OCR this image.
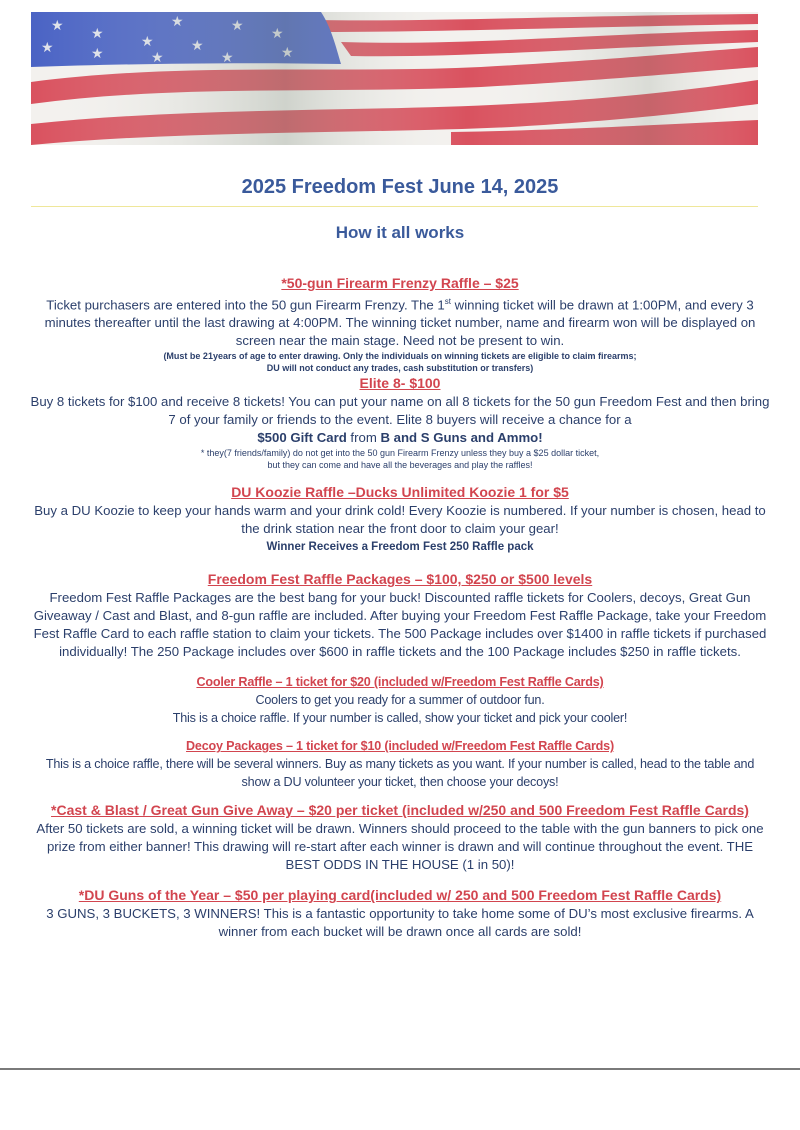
2025 Freedom Fest June 14, 2025
How it all works
*50-gun Firearm Frenzy Raffle – $25

Ticket purchasers are entered into the 50 gun Firearm Frenzy. The 1st winning ticket will be drawn at 1:00PM, and every 3 minutes thereafter until the last drawing at 4:00PM. The winning ticket number, name and firearm won will be displayed on screen near the main stage. Need not be present to win.

(Must be 21years of age to enter drawing. Only the individuals on winning tickets are eligible to claim firearms;

DU will not conduct any trades, cash substitution or transfers)

Elite 8- $100

Buy 8 tickets for $100 and receive 8 tickets! You can put your name on all 8 tickets for the 50 gun Freedom Fest and then bring 7 of your family or friends to the event. Elite 8 buyers will receive a chance for a

$500 Gift Card from B and S Guns and Ammo!

* they(7 friends/family) do not get into the 50 gun Firearm Frenzy unless they buy a $25 dollar ticket,

but they can come and have all the beverages and play the raffles!

DU Koozie Raffle –Ducks Unlimited Koozie 1 for $5

Buy a DU Koozie to keep your hands warm and your drink cold! Every Koozie is numbered. If your number is chosen, head to the drink station near the front door to claim your gear!

Winner Receives a Freedom Fest 250 Raffle pack

Freedom Fest Raffle Packages – $100, $250 or $500 levels

Freedom Fest Raffle Packages are the best bang for your buck! Discounted raffle tickets for Coolers, decoys, Great Gun Giveaway / Cast and Blast, and 8-gun raffle are included. After buying your Freedom Fest Raffle Package, take your Freedom Fest Raffle Card to each raffle station to claim your tickets. The 500 Package includes over $1400 in raffle tickets if purchased individually! The 250 Package includes over $600 in raffle tickets and the 100 Package includes $250 in raffle tickets.

Cooler Raffle – 1 ticket for $20 (included w/Freedom Fest Raffle Cards)

Coolers to get you ready for a summer of outdoor fun.

This is a choice raffle. If your number is called, show your ticket and pick your cooler!

Decoy Packages – 1 ticket for $10 (included w/Freedom Fest Raffle Cards)

This is a choice raffle, there will be several winners. Buy as many tickets as you want. If your number is called, head to the table and show a DU volunteer your ticket, then choose your decoys!

*Cast & Blast / Great Gun Give Away – $20 per ticket (included w/250 and 500 Freedom Fest Raffle Cards)

After 50 tickets are sold, a winning ticket will be drawn. Winners should proceed to the table with the gun banners to pick one prize from either banner! This drawing will re-start after each winner is drawn and will continue throughout the event. THE BEST ODDS IN THE HOUSE (1 in 50)!

*DU Guns of the Year – $50 per playing card(included w/ 250 and 500 Freedom Fest Raffle Cards)

3 GUNS, 3 BUCKETS, 3 WINNERS! This is a fantastic opportunity to take home some of DU’s most exclusive firearms. A winner from each bucket will be drawn once all cards are sold!
